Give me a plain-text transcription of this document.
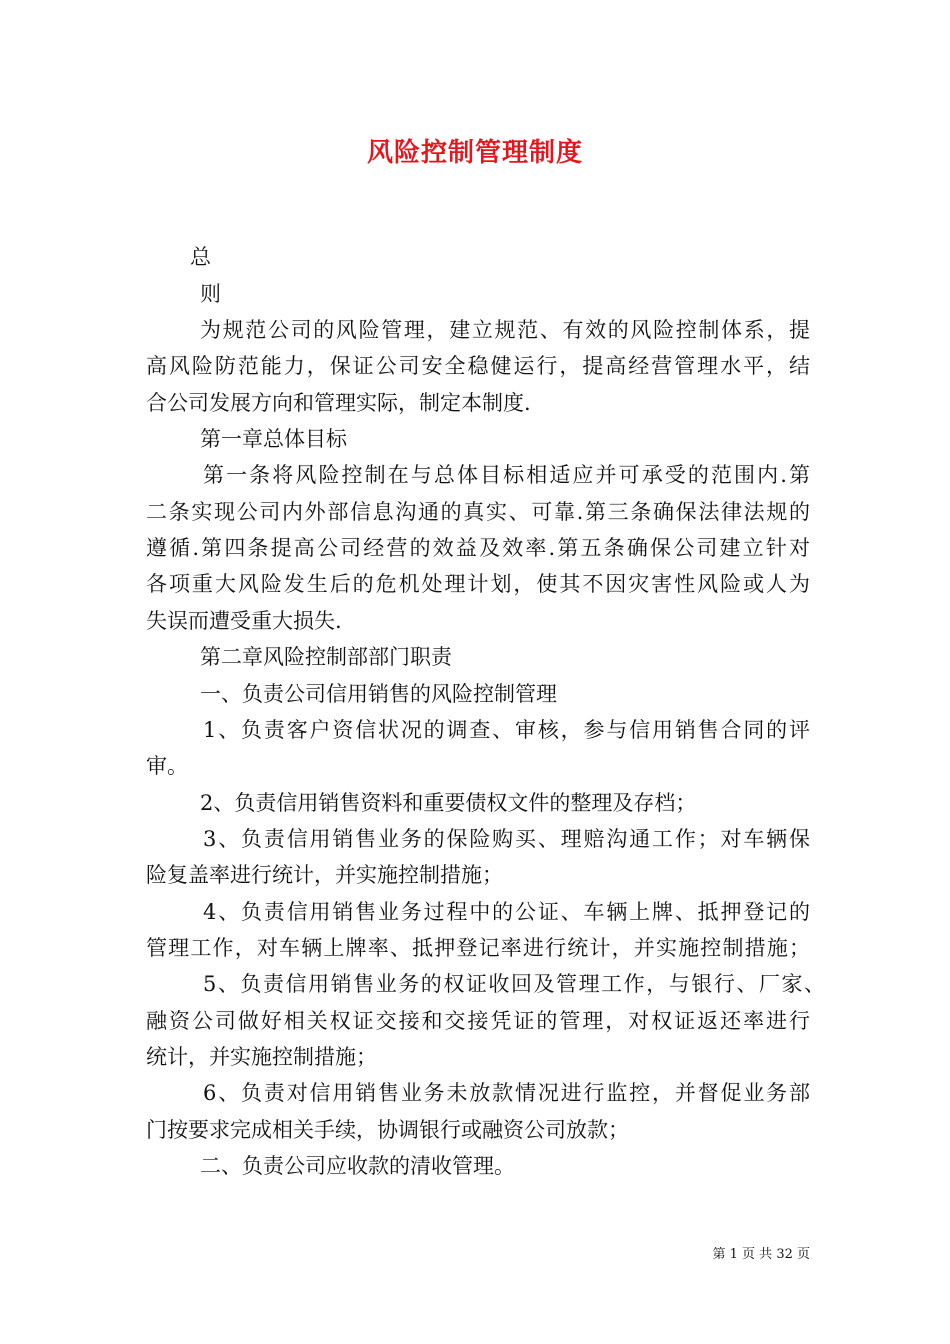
风险控制管理制度
总
则
为规范公司的风险管理，建立规范、有效的风险控制体系，提
高风险防范能力，保证公司安全稳健运行，提高经营管理水平，结
合公司发展方向和管理实际，制定本制度.
第一章总体目标
第一条将风险控制在与总体目标相适应并可承受的范围内.第
二条实现公司内外部信息沟通的真实、可靠.第三条确保法律法规的
遵循.第四条提高公司经营的效益及效率.第五条确保公司建立针对
各项重大风险发生后的危机处理计划，使其不因灾害性风险或人为
失误而遭受重大损失.
第二章风险控制部部门职责
一、负责公司信用销售的风险控制管理
1、负责客户资信状况的调查、审核，参与信用销售合同的评
审。
2、负责信用销售资料和重要债权文件的整理及存档；
3、负责信用销售业务的保险购买、理赔沟通工作；对车辆保
险复盖率进行统计，并实施控制措施；
4、负责信用销售业务过程中的公证、车辆上牌、抵押登记的
管理工作，对车辆上牌率、抵押登记率进行统计，并实施控制措施；
5、负责信用销售业务的权证收回及管理工作，与银行、厂家、
融资公司做好相关权证交接和交接凭证的管理，对权证返还率进行
统计，并实施控制措施；
6、负责对信用销售业务未放款情况进行监控，并督促业务部
门按要求完成相关手续，协调银行或融资公司放款；
二、负责公司应收款的清收管理。
第 1 页 共 32 页
